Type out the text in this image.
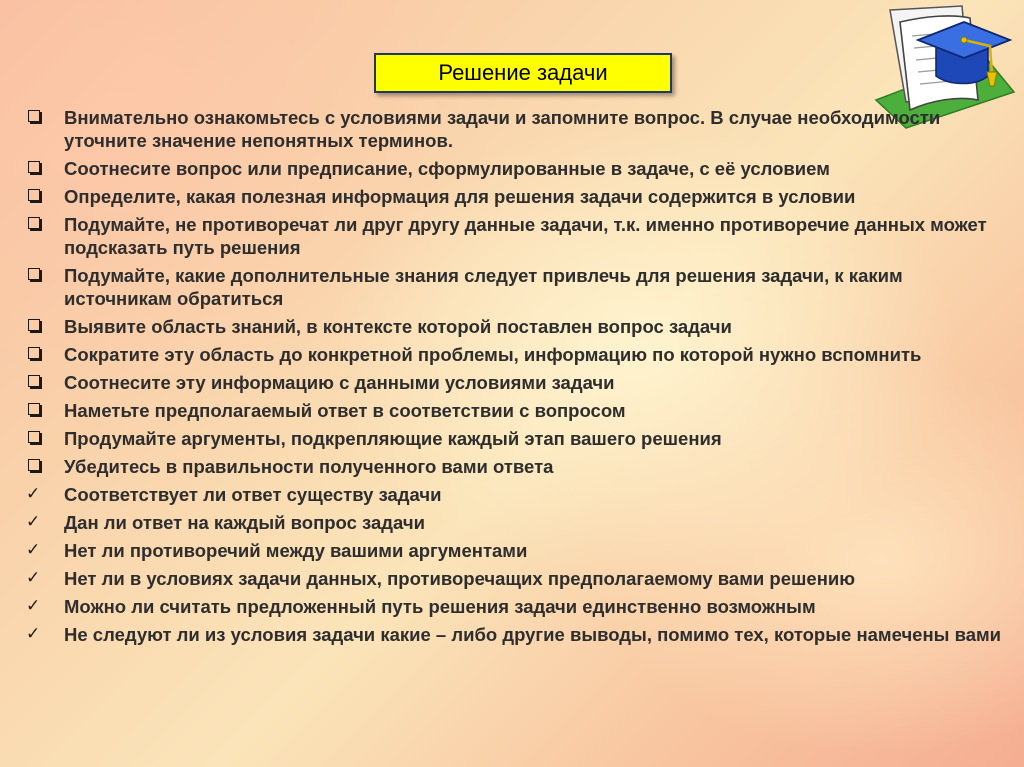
Решение задачи
Внимательно ознакомьтесь с условиями задачи и запомните вопрос. В случае необходимости уточните значение непонятных терминов.
Соотнесите вопрос или предписание, сформулированные в задаче, с её условием
Определите, какая полезная информация для решения задачи содержится в условии
Подумайте, не противоречат ли друг другу данные задачи, т.к. именно противоречие данных может подсказать путь решения
Подумайте, какие дополнительные знания следует привлечь для решения задачи, к каким источникам обратиться
Выявите область знаний, в контексте которой поставлен вопрос задачи
Сократите эту область до конкретной проблемы, информацию по которой нужно вспомнить
Соотнесите эту информацию с данными условиями задачи
Наметьте предполагаемый ответ в соответствии с вопросом
Продумайте аргументы, подкрепляющие каждый этап вашего решения
Убедитесь в правильности полученного вами ответа
✓	Соответствует ли ответ существу задачи
✓	Дан ли ответ на каждый вопрос задачи
✓	Нет ли противоречий между вашими аргументами
✓	Нет ли в условиях задачи данных, противоречащих предполагаемому вами решению
✓	Можно ли считать предложенный путь решения задачи единственно возможным
✓	Не следуют ли из условия задачи какие – либо другие выводы, помимо тех, которые намечены вами
